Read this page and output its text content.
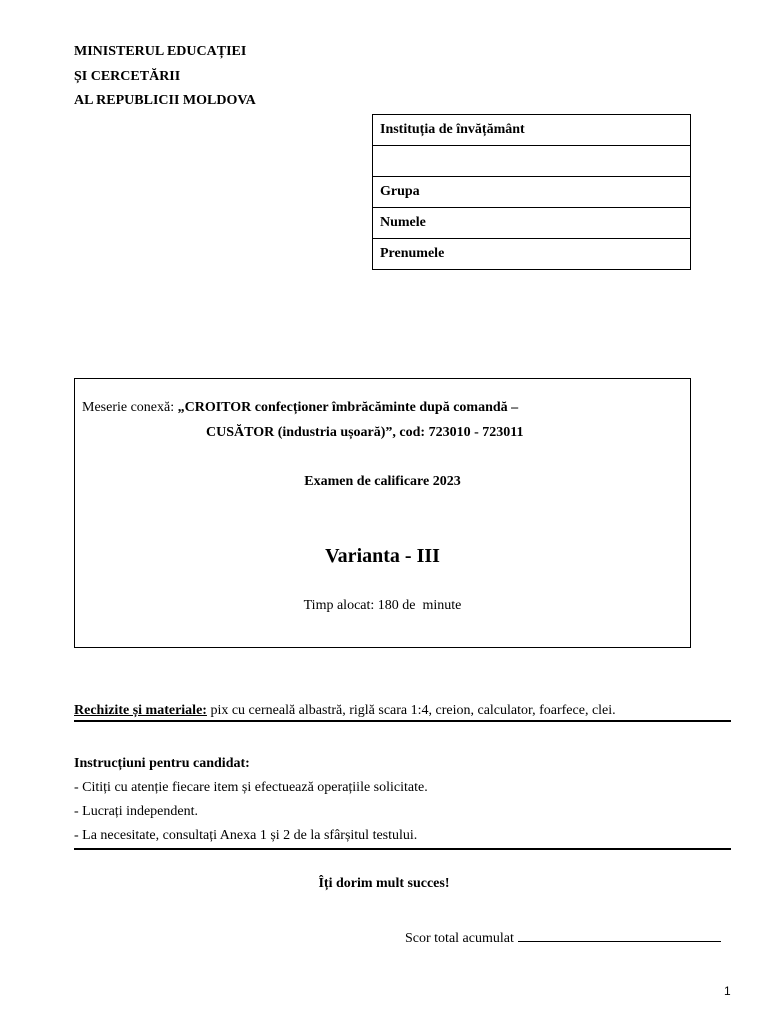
MINISTERUL EDUCAȚIEI
ȘI CERCETĂRII
AL REPUBLICII MOLDOVA
Instituția de învățământ

Grupa
Numele
Prenumele
Meserie conexă: „CROITOR confecționer îmbrăcăminte după comandă –
CUSĂTOR (industria ușoară)”, cod: 723010 - 723011
Examen de calificare 2023
Varianta - III
Timp alocat: 180 de  minute
Rechizite și materiale: pix cu cerneală albastră, riglă scara 1:4, creion, calculator, foarfece, clei.
Instrucțiuni pentru candidat:
- Citiți cu atenție fiecare item și efectuează operațiile solicitate.
- Lucrați independent.
- La necesitate, consultați Anexa 1 și 2 de la sfârșitul testului.
Îți dorim mult succes!
Scor total acumulat
1
